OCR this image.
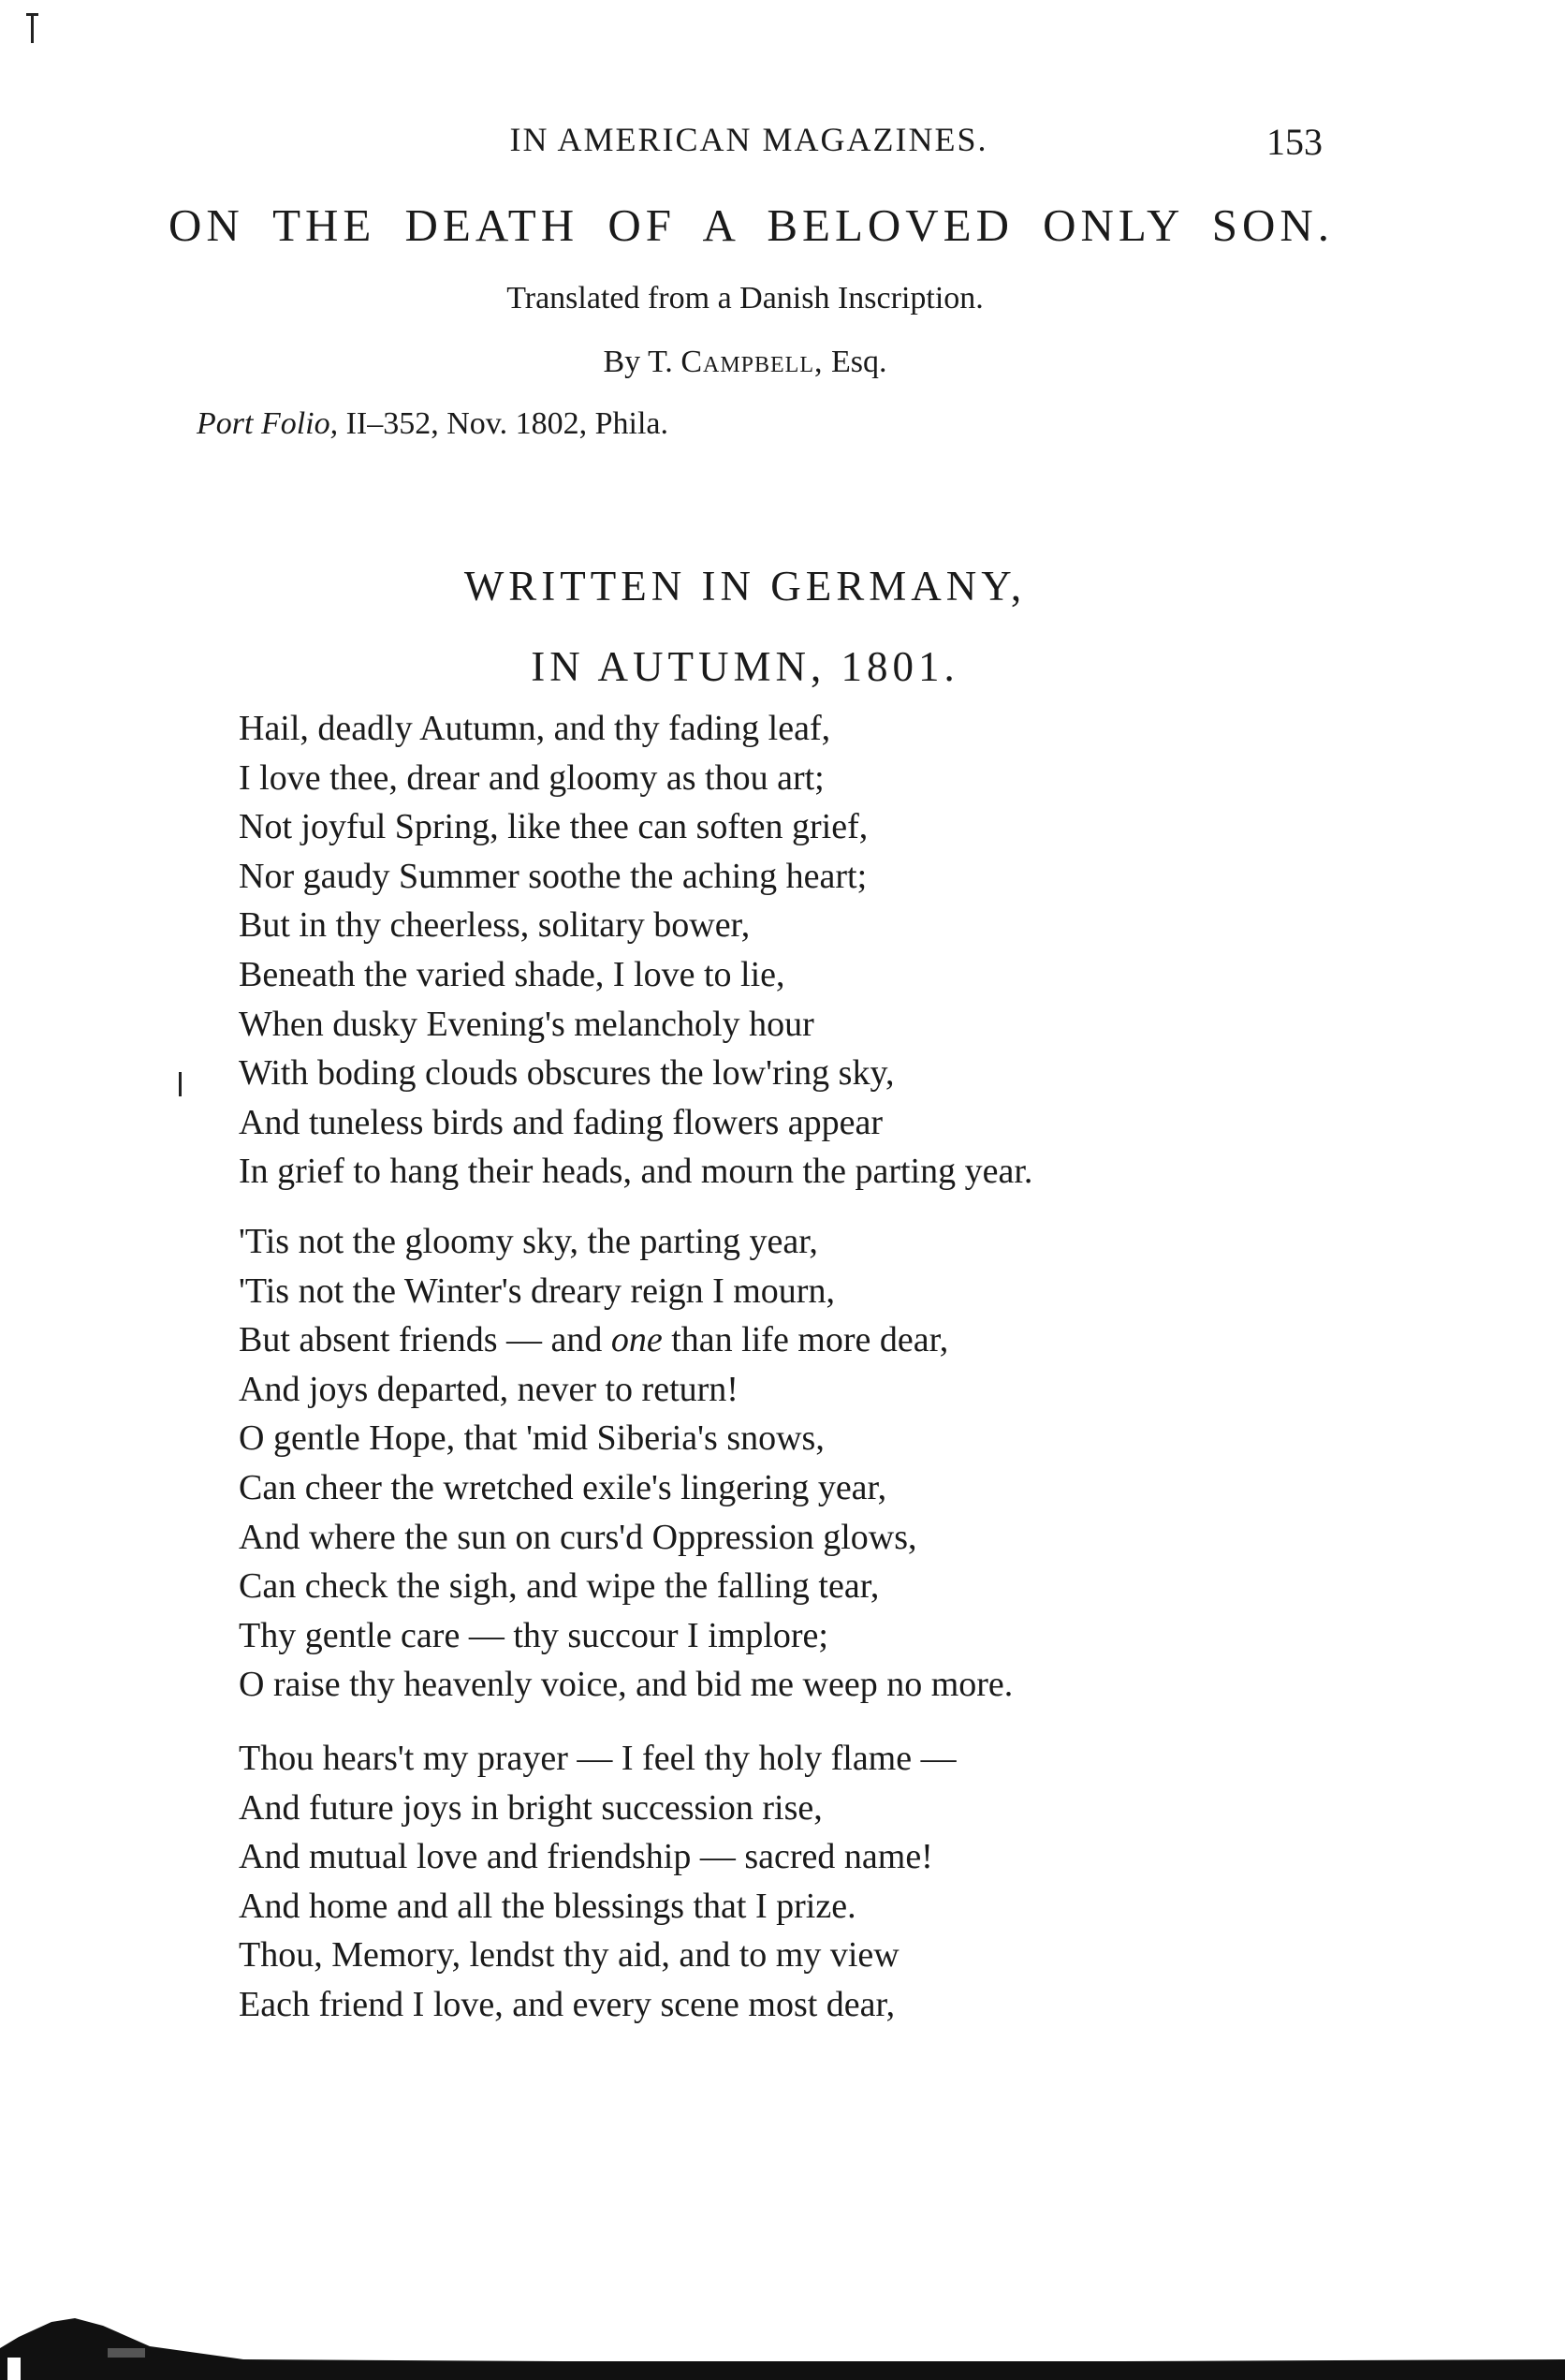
IN AMERICAN MAGAZINES.	153
ON THE DEATH OF A BELOVED ONLY SON.
Translated from a Danish Inscription.
By T. Campbell, Esq.
Port Folio, II–352, Nov. 1802, Phila.
WRITTEN IN GERMANY,
IN AUTUMN, 1801.
Hail, deadly Autumn, and thy fading leaf,
I love thee, drear and gloomy as thou art;
Not joyful Spring, like thee can soften grief,
Nor gaudy Summer soothe the aching heart;
But in thy cheerless, solitary bower,
Beneath the varied shade, I love to lie,
When dusky Evening's melancholy hour
With boding clouds obscures the low'ring sky,
And tuneless birds and fading flowers appear
In grief to hang their heads, and mourn the parting year.
'Tis not the gloomy sky, the parting year,
'Tis not the Winter's dreary reign I mourn,
But absent friends — and one than life more dear,
And joys departed, never to return!
O gentle Hope, that 'mid Siberia's snows,
Can cheer the wretched exile's lingering year,
And where the sun on curs'd Oppression glows,
Can check the sigh, and wipe the falling tear,
Thy gentle care — thy succour I implore;
O raise thy heavenly voice, and bid me weep no more.
Thou hears't my prayer — I feel thy holy flame —
And future joys in bright succession rise,
And mutual love and friendship — sacred name!
And home and all the blessings that I prize.
Thou, Memory, lendst thy aid, and to my view
Each friend I love, and every scene most dear,
